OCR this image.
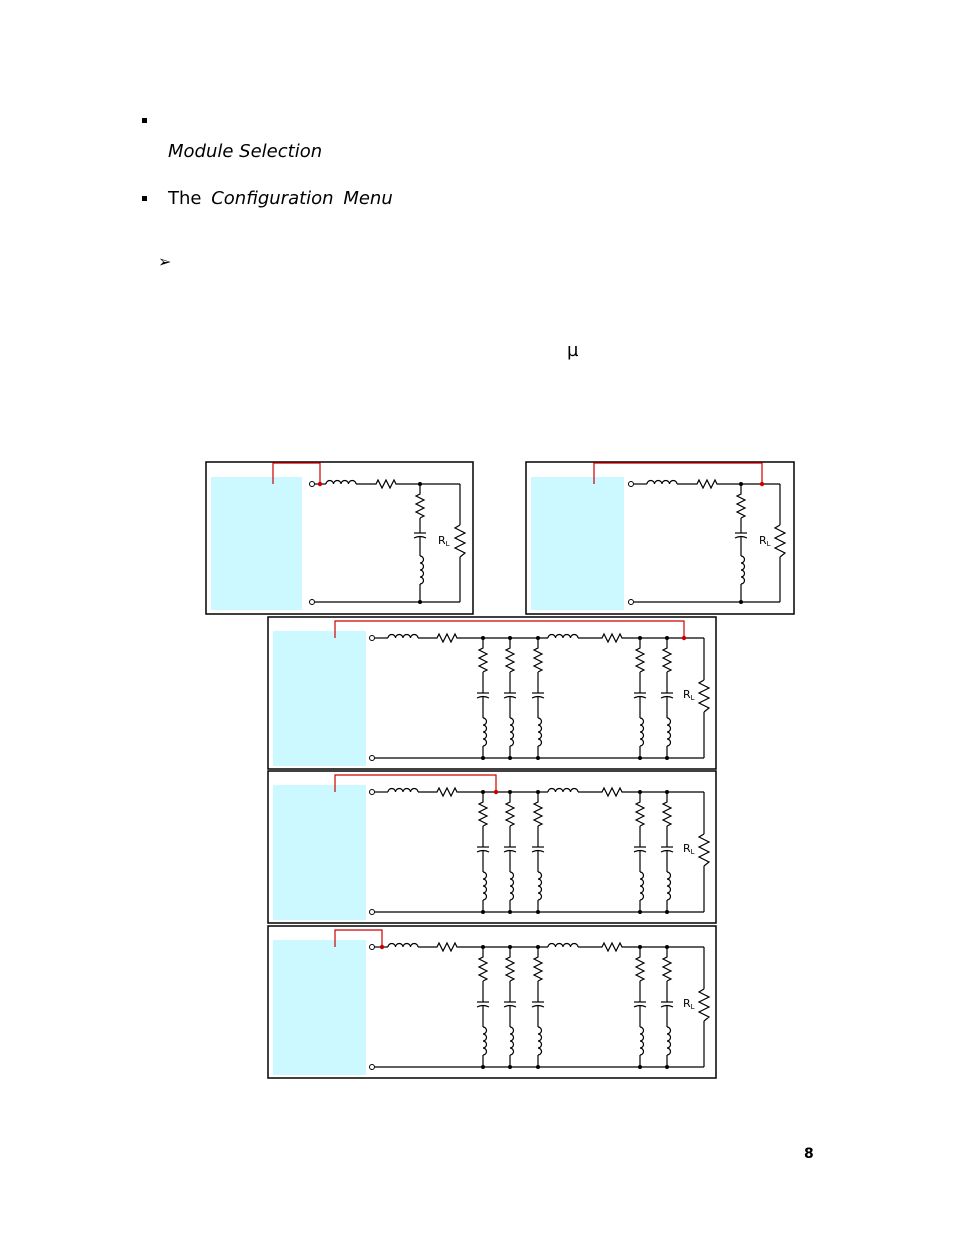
Module Selection
The Configuration Menu
➢
µ
RL	RL
RL
RL
RL
8
